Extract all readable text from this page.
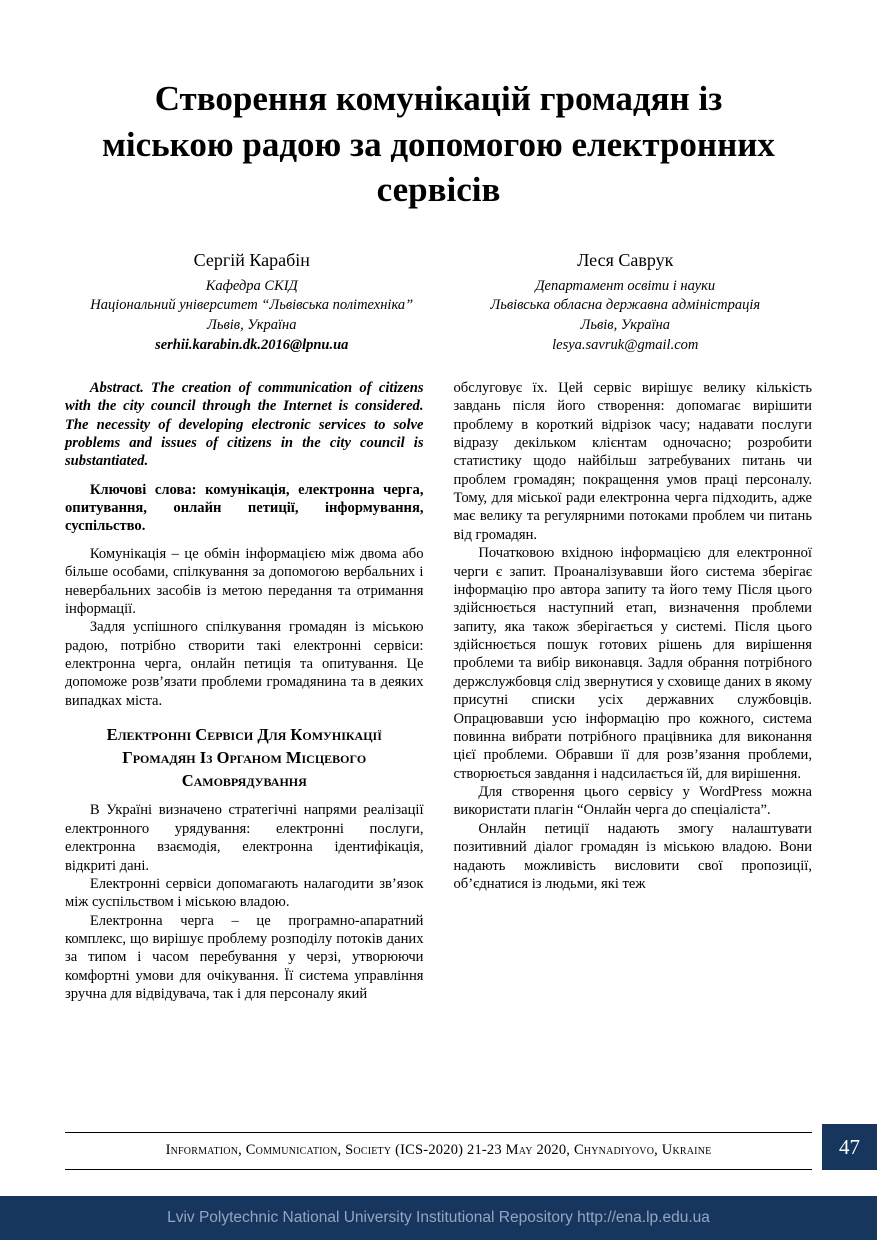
Створення комунікацій громадян із
міською радою за допомогою електронних
сервісів
Сергій Карабін
Кафедра СКІД
Національний університет “Львівська політехніка”
Львів, Україна
serhii.karabin.dk.2016@lpnu.ua
Леся Саврук
Департамент освіти і науки
Львівська обласна державна адміністрація
Львів, Україна
lesya.savruk@gmail.com

Abstract. The creation of communication of citizens with the city council through the Internet is considered. The necessity of developing electronic services to solve problems and issues of citizens in the city council is substantiated.

Ключові слова: комунікація, електронна черга, опитування, онлайн петиції, інформування, суспільство.

Комунікація – це обмін інформацією між двома або більше особами, спілкування за допомогою вербальних і невербальних засобів із метою передання та отримання інформації.

Задля успішного спілкування громадян із міською радою, потрібно створити такі електронні сервіси: електронна черга, онлайн петиція та опитування. Це допоможе розв’язати проблеми громадянина та в деяких випадках міста.

Електронні Сервіси Для Комунікації Громадян Із Органом Місцевого Самоврядування

В Україні визначено стратегічні напрями реалізації електронного урядування: електронні послуги, електронна взаємодія, електронна ідентифікація, відкриті дані.

Електронні сервіси допомагають налагодити зв’язок між суспільством і міською владою.

Електронна черга – це програмно-апаратний комплекс, що вирішує проблему розподілу потоків даних за типом і часом перебування у черзі, утворюючи комфортні умови для очікування. Її система управління зручна для відвідувача, так і для персоналу який

обслуговує їх. Цей сервіс вирішує велику кількість завдань після його створення: допомагає вирішити проблему в короткий відрізок часу; надавати послуги відразу декільком клієнтам одночасно; розробити статистику щодо найбільш затребуваних питань чи проблем громадян; покращення умов праці персоналу. Тому, для міської ради електронна черга підходить, адже має велику та регулярними потоками проблем чи питань від громадян.

Початковою вхідною інформацією для електронної черги є запит. Проаналізувавши його система зберігає інформацію про автора запиту та його тему Після цього здійснюється наступний етап, визначення проблеми запиту, яка також зберігається у системі. Після цього здійснюється пошук готових рішень для вирішення проблеми та вибір виконавця. Задля обрання потрібного держслужбовця слід звернутися у сховище даних в якому присутні списки усіх державних службовців. Опрацювавши усю інформацію про кожного, система повинна вибрати потрібного працівника для виконання цієї проблеми. Обравши її для розв’язання проблеми, створюється завдання і надсилається їй, для вирішення.

Для створення цього сервісу у WordPress можна використати плагін “Онлайн черга до спеціаліста”.

Онлайн петиції надають змогу налаштувати позитивний діалог громадян із міською владою. Вони надають можливість висловити свої пропозиції, об’єднатися із людьми, які теж

Information, Communication, Society (ICS-2020) 21-23 May 2020, Chynadiyovo, Ukraine	47
Lviv Polytechnic National University Institutional Repository http://ena.lp.edu.ua
